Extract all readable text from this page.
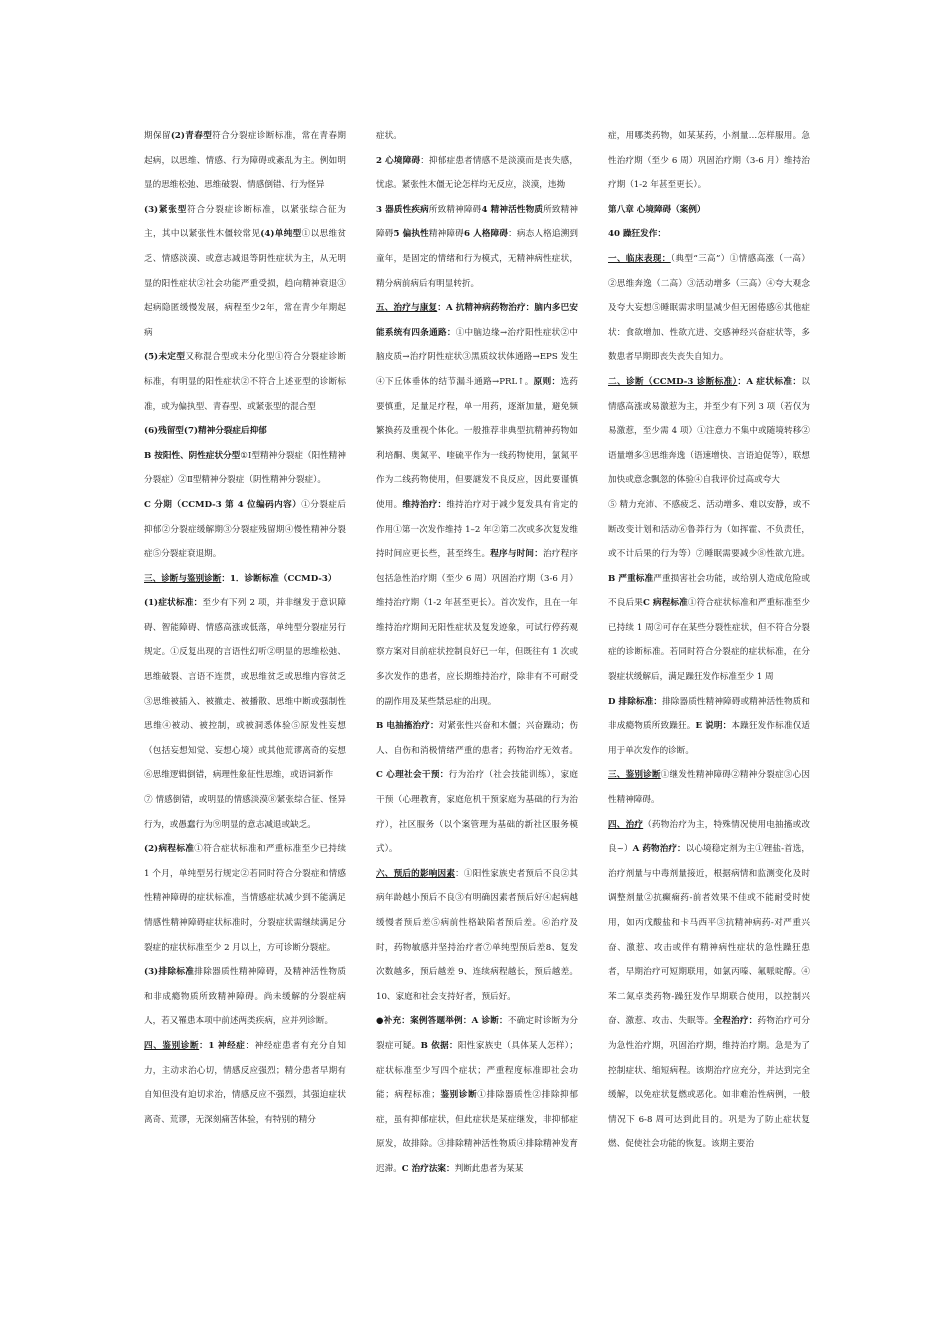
期保留(2)青春型符合分裂症诊断标准，常在青春期起病，以思维、情感、行为障碍或紊乱为主。例如明显的思维松弛、思维破裂、情感倒错、行为怪异

(3)紧张型符合分裂症诊断标准，以紧张综合征为主，其中以紧张性木僵较常见(4)单纯型①以思维贫乏、情感淡漠、或意志减退等阴性症状为主，从无明显的阳性症状②社会功能严重受损，趋向精神衰退③起病隐匿缓慢发展，病程至少2年，常在青少年期起病

(5)未定型又称混合型或未分化型①符合分裂症诊断标准，有明显的阳性症状②不符合上述亚型的诊断标准，或为偏执型、青春型、或紧张型的混合型

(6)残留型(7)精神分裂症后抑郁

B 按阳性、阴性症状分型①Ⅰ型精神分裂症（阳性精神分裂症）②Ⅱ型精神分裂症（阴性精神分裂症）。

C 分期（CCMD-3 第 4 位编码内容）①分裂症后抑郁②分裂症缓解期③分裂症残留期④慢性精神分裂症⑤分裂症衰退期。

三、诊断与鉴别诊断：1．诊断标准（CCMD-3）

(1)症状标准：至少有下列 2 项，并非继发于意识障碍、智能障碍、情感高涨或低落，单纯型分裂症另行规定。①反复出现的言语性幻听②明显的思维松弛、思维破裂、言语不连贯，或思维贫乏或思维内容贫乏③思维被插入、被撤走、被播散、思维中断或强制性思维④被动、被控制，或被洞悉体验⑤原发性妄想（包括妄想知觉、妄想心境）或其他荒谬离奇的妄想⑥思维逻辑倒错，病理性象征性思维，或语词新作

⑦ 情感倒错，或明显的情感淡漠⑧紧张综合征、怪异行为，或愚蠢行为⑨明显的意志减退或缺乏。

(2)病程标准①符合症状标准和严重标准至少已持续 1 个月，单纯型另行规定②若同时符合分裂症和情感性精神障碍的症状标准，当情感症状减少到不能满足情感性精神障碍症状标准时，分裂症状需继续满足分裂症的症状标准至少 2 月以上，方可诊断分裂症。

(3)排除标准排除器质性精神障碍，及精神活性物质和非成瘾物质所致精神障碍。尚未缓解的分裂症病人，若又罹患本项中前述两类疾病，应并列诊断。

四、鉴别诊断：1 神经症：神经症患者有充分自知力，主动求治心切，情感反应强烈；精分患者早期有自知但没有迫切求治，情感反应不强烈，其强迫症状离奇、荒谬，无深刻痛苦体验，有特别的精分

症状。

2 心境障碍：抑郁症患者情感不是淡漠而是丧失感，忧虑。紧张性木僵无论怎样均无反应，淡漠，违拗

3 器质性疾病所致精神障碍4 精神活性物质所致精神障碍5 偏执性精神障碍6 人格障碍：病态人格追溯到童年，是固定的情绪和行为模式，无精神病性症状，精分病前病后有明显转折。

五、治疗与康复：A 抗精神病药物治疗：脑内多巴安能系统有四条通路：①中脑边缘→治疗阳性症状②中脑皮质→治疗阴性症状③黑质纹状体通路→EPS 发生④下丘体垂体的结节漏斗通路→PRL↑。原则：选药要慎重，足量足疗程，单一用药，逐渐加量，避免频繁换药及重视个体化。一般推荐非典型抗精神药物如利培酮、奥氮平、喹硫平作为一线药物使用，氯氮平作为二线药物使用，但要謎发不良反应，因此要谨慎使用。维持治疗：维持治疗对于减少复发具有肯定的作用①第一次发作维持 1–2 年②第二次或多次复发维持时间应更长些，甚至终生。程序与时间：治疗程序包括急性治疗期（至少 6 周）巩固治疗期（3-6 月）维持治疗期（1-2 年甚至更长）。首次发作，且在一年维持治疗期间无阳性症状及复发迹象，可试行停药观察方案对目前症状控制良好已一年，但既往有 1 次或多次发作的患者，应长期维持治疗，除非有不可耐受的副作用及某些禁忌症的出现。

B 电抽搐治疗：对紧张性兴奋和木僵；兴奋躁动；伤人、自伤和消极情绪严重的患者；药物治疗无效者。C 心理社会干预：行为治疗（社会技能训练），家庭干预（心理教育，家庭危机干预家庭为基础的行为治疗），社区服务（以个案管理为基础的新社区服务模式）。

六、预后的影响因素：①阳性家族史者预后不良②其病年龄越小预后不良③有明确因素者预后好④起病越缓慢者预后差⑤病前性格缺陷者预后差。⑥治疗及时，药物敏感并坚持治疗者⑦单纯型预后差8、复发次数越多，预后越差 9、连续病程越长，预后越差。10、家庭和社会支持好者，预后好。

●补充：案例答题举例：A 诊断：不确定时诊断为分裂症可疑。B 依据：阳性家族史（具体某人怎样）；症状标准至少写四个症状；严重程度标准即社会功能；病程标准；鉴别诊断①排除器质性②排除抑郁症，虽有抑郁症状，但此症状是某症继发，非抑郁症原发，故排除。③排除精神活性物质④排除精神发育迟滞。C 治疗法案：判断此患者为某某

症，用哪类药物，如某某药，小剂量…怎样服用。急性治疗期（至少 6 周）巩固治疗期（3-6 月）维持治疗期（1-2 年甚至更长）。

第八章 心境障碍（案例）

40 躁狂发作：

一、临床表现：（典型“三高”）①情感高涨（一高）②思维奔逸（二高）③活动增多（三高）④夸大观念及夸大妄想⑤睡眠需求明显减少但无困倦感⑥其他症状：食欲增加、性欲亢进、交感神经兴奋症状等，多数患者早期即丧失丧失自知力。

二、诊断（CCMD-3 诊断标准）：A 症状标准：以情感高涨或易激惹为主，并至少有下列 3 项（若仅为易激惹，至少需 4 项）①注意力不集中或随境转移②语量增多③思维奔逸（语速增快、言语迫促等），联想加快或意念飘忽的体验④自我评价过高或夸大

⑤ 精力充沛、不感疲乏、活动增多、难以安静，或不断改变计划和活动⑥鲁莽行为（如挥霍、不负责任，或不计后果的行为等）⑦睡眠需要减少⑧性欲亢进。B 严重标准严重损害社会功能，或给别人造成危险或不良后果C 病程标准①符合症状标准和严重标准至少已持续 1 周②可存在某些分裂性症状，但不符合分裂症的诊断标准。若同时符合分裂症的症状标准，在分裂症状缓解后，满足躁狂发作标准至少 1 周

D 排除标准：排除器质性精神障碍或精神活性物质和非成瘾物质所致躁狂。E 说明：本躁狂发作标准仅适用于单次发作的诊断。

三、鉴别诊断①继发性精神障碍②精神分裂症③心因性精神障碍。

四、治疗（药物治疗为主，特殊情况使用电抽搐或改良~）A 药物治疗：以心境稳定剂为主①锂盐-首选，治疗剂量与中毒剂量接近，根据病情和监测变化及时调整剂量②抗癫痫药-前者效果不佳或不能耐受时使用，如丙戊酸盐和卡马西平③抗精神病药-对严重兴奋、激惹、攻击或伴有精神病性症状的急性躁狂患者，早期治疗可短期联用，如氯丙嗪、氟哌啶醇。④苯二氮卓类药物-躁狂发作早期联合使用，以控制兴奋、激惹、攻击、失眠等。全程治疗：药物治疗可分为急性治疗期，巩固治疗期，维持治疗期。急是为了控制症状、缩短病程。该期治疗应充分，并达到完全缓解，以免症状复燃或恶化。如非难治性病例，一般情况下 6-8 周可达到此目的。巩是为了防止症状复燃、促使社会功能的恢复。该期主要治
